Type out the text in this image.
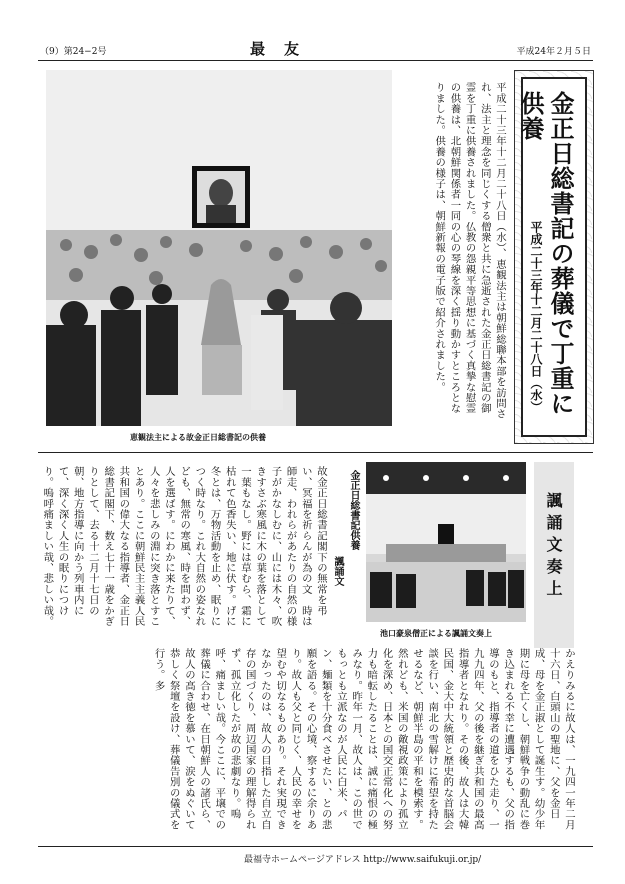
（9）第24−2号	最　友	平成24年２月５日
恵観法主による故金正日総書記の供養
平成二十三年十二月二十八日（水）、恵観法主は朝鮮総聯本部を訪問され、法主と理念を同じくする僧衆と共に急逝された金正日総書記の御霊を丁重に供養されました。仏教の怨親平等思想に基づく真摯な慰霊の供養は、北朝鮮関係者一同の心の琴線を深く揺り動かすところとなりました。供養の様子は、朝鮮新報の電子版で紹介されました。	金正日総書記の葬儀で丁重に供養
平成二十三年十二月二十八日（水）
諷誦文奏上
池口豪泉僧正による諷誦文奏上
金正日総書記供養
諷誦文
故金正日総書記閣下の無常を弔い、冥福を祈らんが為の文　時は師走、われらがあたりの自然の様子がかなしむに、山には木々、吹きすさぶ寒風に木の葉を落として一葉もなし。野には草むら、霜に枯れて色香失い、地に伏す。げに冬とは、万物活動を止め、眠りにつく時なり。これ大自然の姿なれども、無常の寒風、時を問わず、人を選ばす。にわかに来たりて、人々を悲しみの淵に突き落とすことあり。ここに朝鮮民主主義人民共和国の偉大なる指導者、金正日総書記閣下、数え七十一歳をかぎりとして、去る十二月十七日の朝、地方指導に向かう列車内にて、深く深く人生の眠りにつけり。嗚呼痛ましい哉、悲しい哉。
かえりみるに故人は、一九四一年二月十六日、白頭山の聖地に、父を金日成、母を金正淑として誕生す。幼少年期に母を亡くし、朝鮮戦争の動乱に巻き込まれる不幸に遭遇するも、父の指導のもと、指導者の道をひた走り、一九九四年、父の後を継ぎ共和国の最高指導者となれり。その後、故人は大韓民国、金大中大統領と歴史的な首脳会談を行い、南北の雪解けに希望を持たせるなど、朝鮮半島の平和を模索す。然れども、米国の敵視政策により孤立化を深め、日本との国交正常化への努力も暗転したることは、誠に痛恨の極みなり。昨年一月、故人は、この世でもっとも立派なのが人民に白米、パン、麺類を十分食べさせたい、との悲願を語る。その心境、察するに余りあり。故人も父と同じく、人民の幸せを望むや切なるものあり。それ実現できなかったのは、故人の目指した自立自存の国づくり、周辺国家の理解得られず、孤立化したが故の悲劇なり。嗚呼、痛ましい哉。今ここに、平壌での葬儀に合わせ、在日朝鮮人の諸氏ら、故人の高き徳を慕いて、涙をぬぐいて恭しく祭壇を設け、葬儀告別の儀式を行う。多
最福寺ホームページアドレス http://www.saifukuji.or.jp/
